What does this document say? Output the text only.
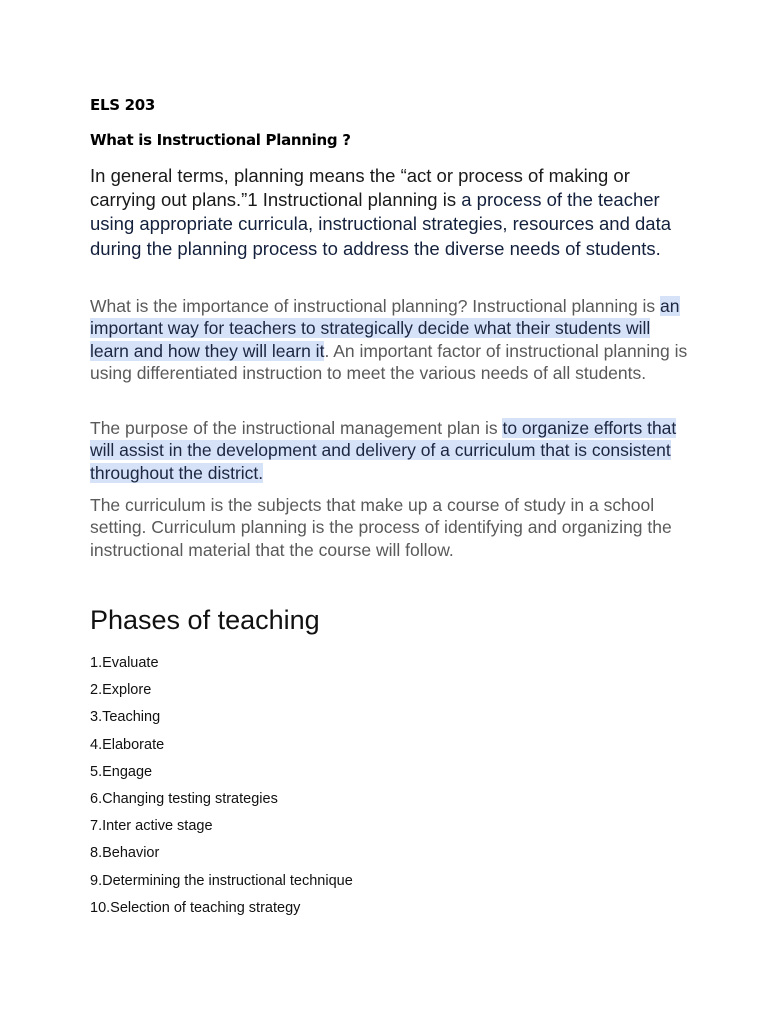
ELS 203
What is Instructional Planning ?

In general terms, planning means the “act or process of making or carrying out plans.”1 Instructional planning is a process of the teacher using appropriate curricula, instructional strategies, resources and data during the planning process to address the diverse needs of students.

What is the importance of instructional planning? Instructional planning is an important way for teachers to strategically decide what their students will learn and how they will learn it. An important factor of instructional planning is using differentiated instruction to meet the various needs of all students.

The purpose of the instructional management plan is to organize efforts that will assist in the development and delivery of a curriculum that is consistent throughout the district.

The curriculum is the subjects that make up a course of study in a school setting. Curriculum planning is the process of identifying and organizing the instructional material that the course will follow.

Phases of teaching
1.Evaluate
2.Explore
3.Teaching
4.Elaborate
5.Engage
6.Changing testing strategies
7.Inter active stage
8.Behavior
9.Determining the instructional technique
10.Selection of teaching strategy
